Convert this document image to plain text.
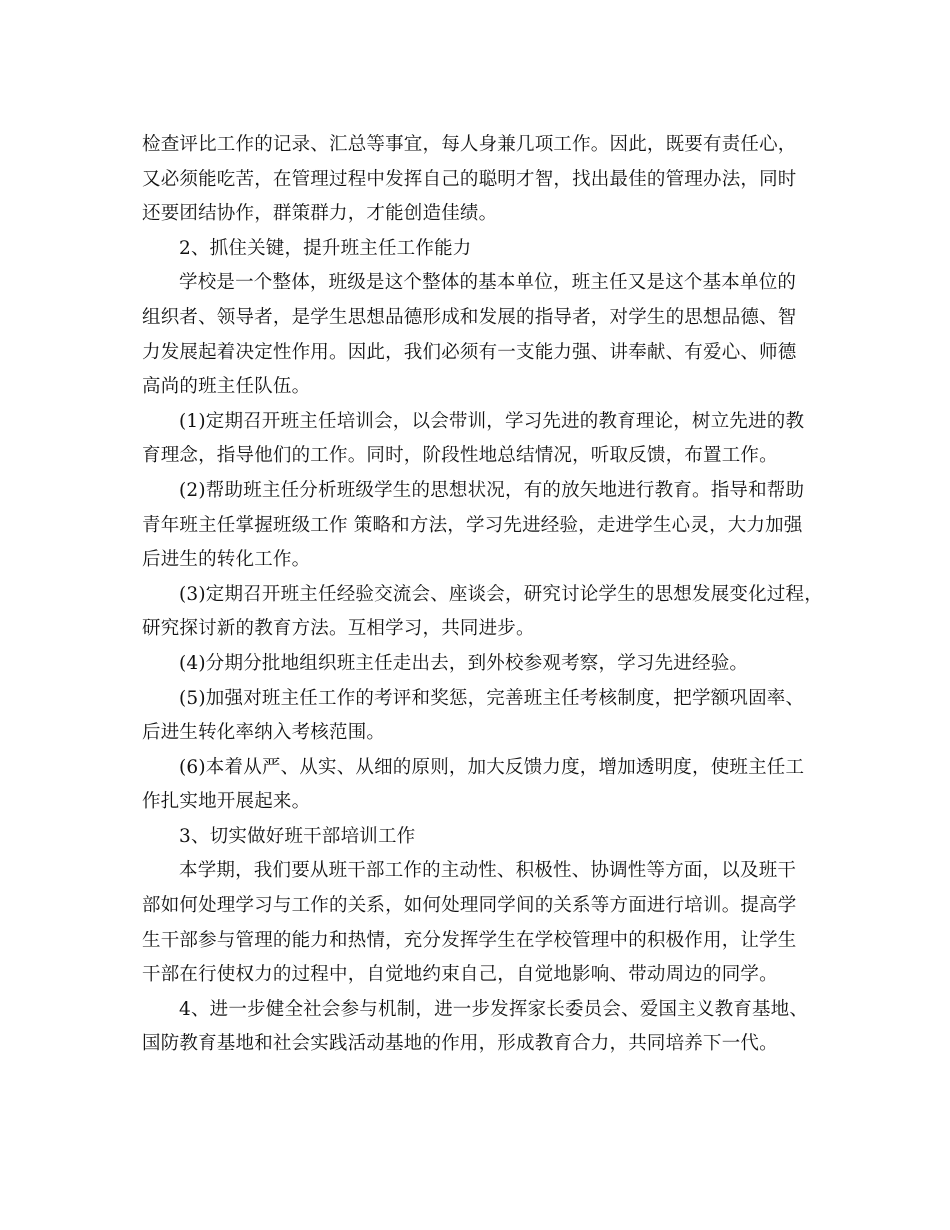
检查评比工作的记录、汇总等事宜，每人身兼几项工作。因此，既要有责任心，
又必须能吃苦，在管理过程中发挥自己的聪明才智，找出最佳的管理办法，同时
还要团结协作，群策群力，才能创造佳绩。
2、抓住关键，提升班主任工作能力
学校是一个整体，班级是这个整体的基本单位，班主任又是这个基本单位的
组织者、领导者，是学生思想品德形成和发展的指导者，对学生的思想品德、智
力发展起着决定性作用。因此，我们必须有一支能力强、讲奉献、有爱心、师德
高尚的班主任队伍。
(1)定期召开班主任培训会，以会带训，学习先进的教育理论，树立先进的教
育理念，指导他们的工作。同时，阶段性地总结情况，听取反馈，布置工作。
(2)帮助班主任分析班级学生的思想状况，有的放矢地进行教育。指导和帮助
青年班主任掌握班级工作 策略和方法，学习先进经验，走进学生心灵，大力加强
后进生的转化工作。
(3)定期召开班主任经验交流会、座谈会，研究讨论学生的思想发展变化过程，
研究探讨新的教育方法。互相学习，共同进步。
(4)分期分批地组织班主任走出去，到外校参观考察，学习先进经验。
(5)加强对班主任工作的考评和奖惩，完善班主任考核制度，把学额巩固率、
后进生转化率纳入考核范围。
(6)本着从严、从实、从细的原则，加大反馈力度，增加透明度，使班主任工
作扎实地开展起来。
3、切实做好班干部培训工作
本学期，我们要从班干部工作的主动性、积极性、协调性等方面，以及班干
部如何处理学习与工作的关系，如何处理同学间的关系等方面进行培训。提高学
生干部参与管理的能力和热情，充分发挥学生在学校管理中的积极作用，让学生
干部在行使权力的过程中，自觉地约束自己，自觉地影响、带动周边的同学。
4、进一步健全社会参与机制，进一步发挥家长委员会、爱国主义教育基地、
国防教育基地和社会实践活动基地的作用，形成教育合力，共同培养下一代。
